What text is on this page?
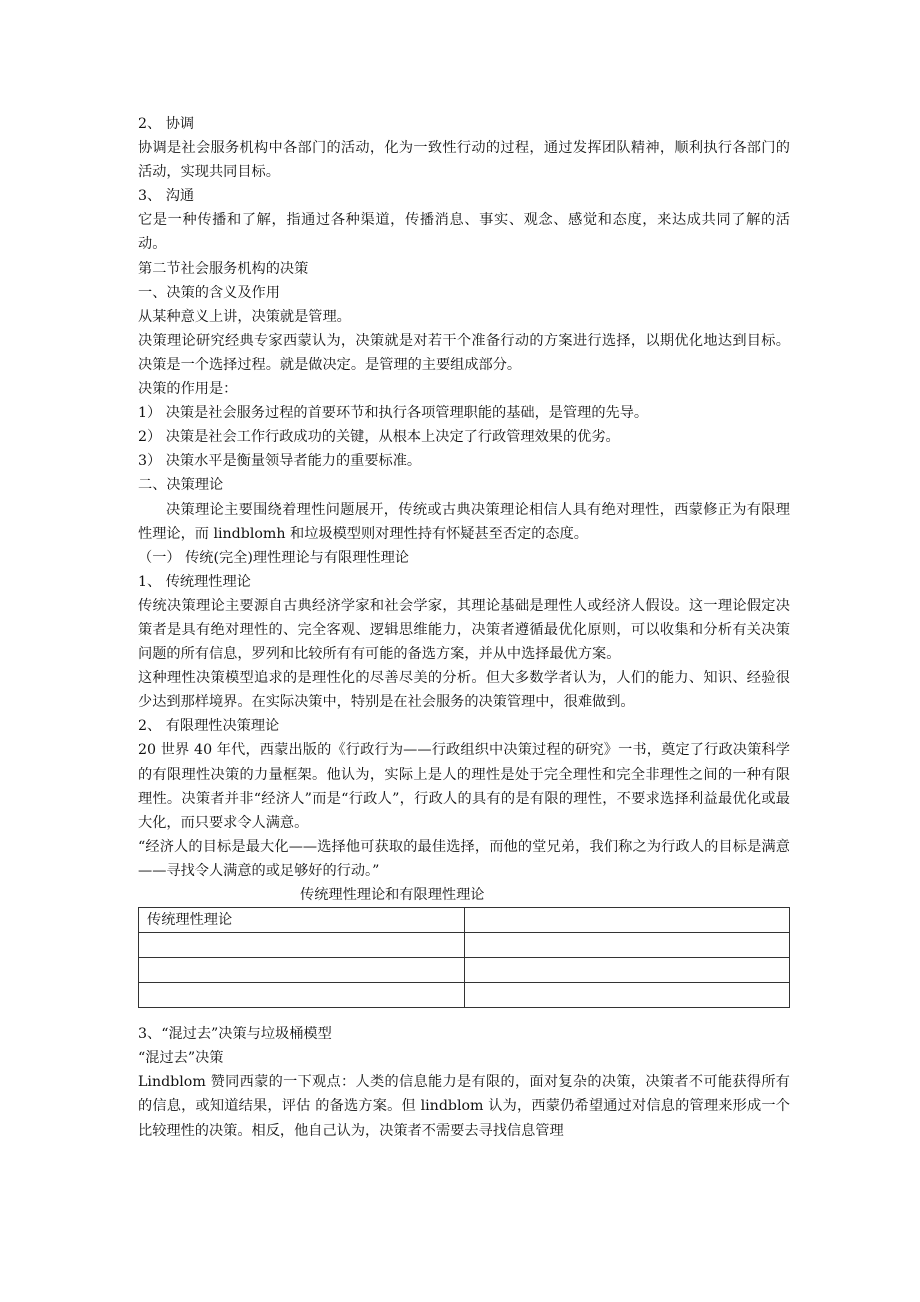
2、 协调

协调是社会服务机构中各部门的活动，化为一致性行动的过程，通过发挥团队精神，顺利执行各部门的活动，实现共同目标。

3、 沟通

它是一种传播和了解，指通过各种渠道，传播消息、事实、观念、感觉和态度，来达成共同了解的活动。

第二节社会服务机构的决策

一、决策的含义及作用

从某种意义上讲，决策就是管理。

决策理论研究经典专家西蒙认为，决策就是对若干个准备行动的方案进行选择，以期优化地达到目标。决策是一个选择过程。就是做决定。是管理的主要组成部分。

决策的作用是：

1） 决策是社会服务过程的首要环节和执行各项管理职能的基础，是管理的先导。

2） 决策是社会工作行政成功的关键，从根本上决定了行政管理效果的优劣。

3） 决策水平是衡量领导者能力的重要标准。

二、决策理论

决策理论主要围绕着理性问题展开，传统或古典决策理论相信人具有绝对理性，西蒙修正为有限理性理论，而 lindblomh 和垃圾模型则对理性持有怀疑甚至否定的态度。

（一） 传统(完全)理性理论与有限理性理论

1、 传统理性理论

传统决策理论主要源自古典经济学家和社会学家，其理论基础是理性人或经济人假设。这一理论假定决策者是具有绝对理性的、完全客观、逻辑思维能力，决策者遵循最优化原则，可以收集和分析有关决策问题的所有信息，罗列和比较所有有可能的备选方案，并从中选择最优方案。

这种理性决策模型追求的是理性化的尽善尽美的分析。但大多数学者认为，人们的能力、知识、经验很少达到那样境界。在实际决策中，特别是在社会服务的决策管理中，很难做到。

2、 有限理性决策理论

20 世界 40 年代，西蒙出版的《行政行为——行政组织中决策过程的研究》一书，奠定了行政决策科学的有限理性决策的力量框架。他认为，实际上是人的理性是处于完全理性和完全非理性之间的一种有限理性。决策者并非“经济人”而是“行政人”，行政人的具有的是有限的理性，不要求选择利益最优化或最大化，而只要求令人满意。

“经济人的目标是最大化——选择他可获取的最佳选择，而他的堂兄弟，我们称之为行政人的目标是满意——寻找令人满意的或足够好的行动。”

传统理性理论和有限理性理论

传统理性理论	

3、“混过去”决策与垃圾桶模型

“混过去”决策

Lindblom 赞同西蒙的一下观点：人类的信息能力是有限的，面对复杂的决策，决策者不可能获得所有的信息，或知道结果，评估 的备选方案。但 lindblom 认为，西蒙仍希望通过对信息的管理来形成一个比较理性的决策。相反，他自己认为，决策者不需要去寻找信息管理
